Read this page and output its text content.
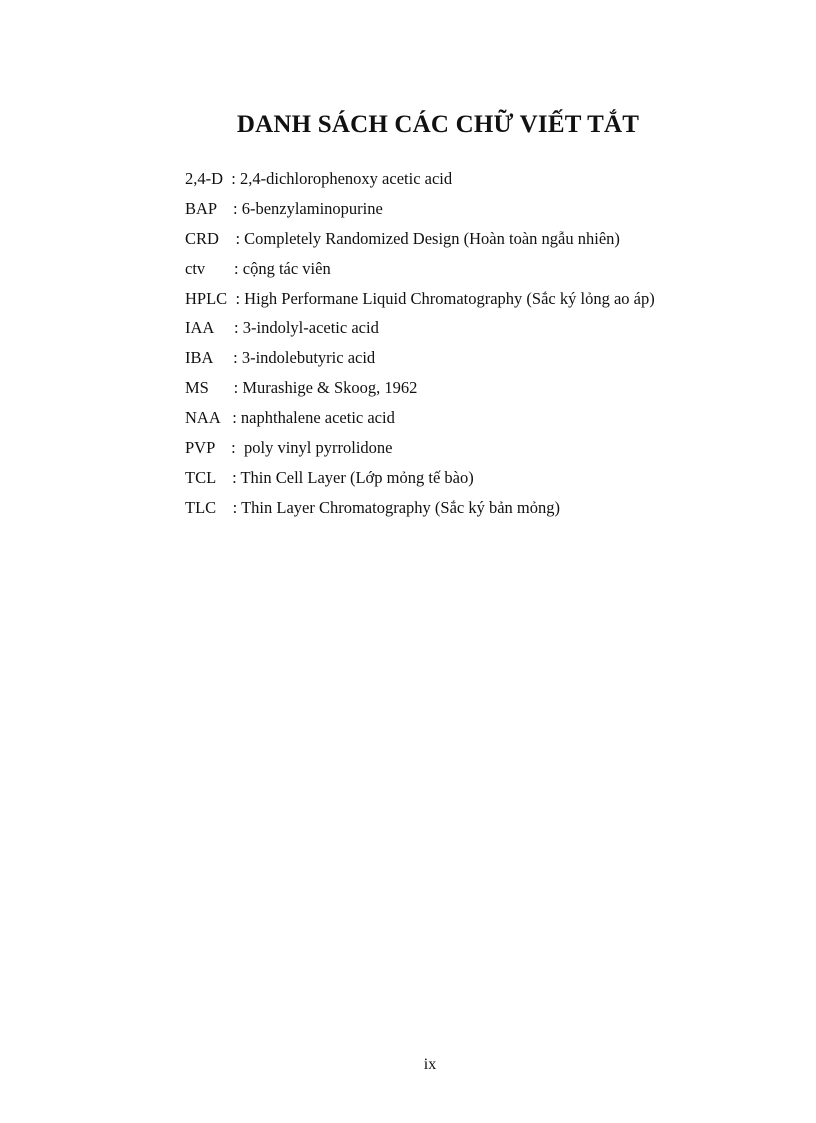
DANH SÁCH CÁC CHỮ VIẾT TẮT
2,4-D : 2,4-dichlorophenoxy acetic acid
BAP : 6-benzylaminopurine
CRD : Completely Randomized Design (Hoàn toàn ngẫu nhiên)
ctv : cộng tác viên
HPLC : High Performane Liquid Chromatography (Sắc ký lỏng ao áp)
IAA : 3-indolyl-acetic acid
IBA : 3-indolebutyric acid
MS : Murashige & Skoog, 1962
NAA : naphthalene acetic acid
PVP :  poly vinyl pyrrolidone
TCL : Thin Cell Layer (Lớp mỏng tế bào)
TLC : Thin Layer Chromatography (Sắc ký bản mỏng)
ix
